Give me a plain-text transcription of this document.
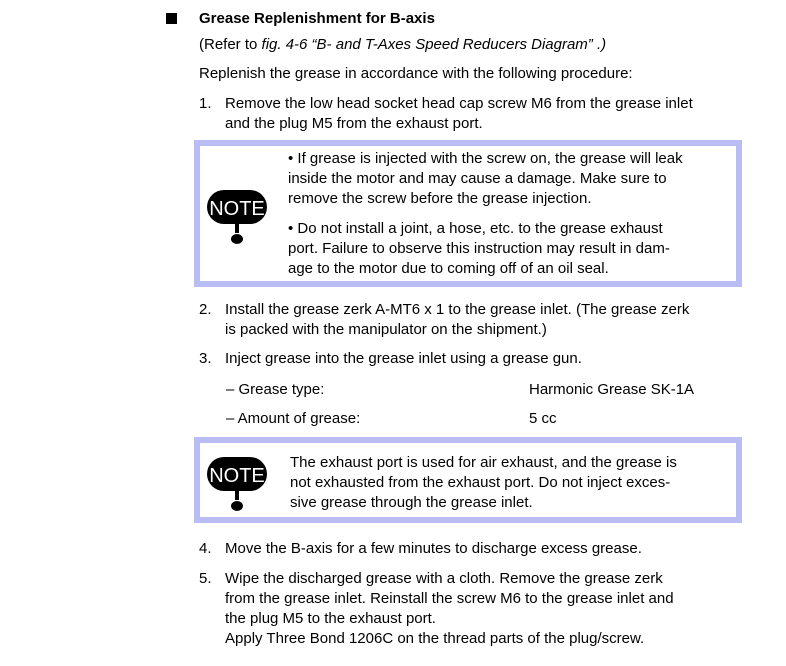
Grease Replenishment for B-axis
(Refer to fig. 4-6 “B- and T-Axes Speed Reducers Diagram” .)
Replenish the grease in accordance with the following procedure:
1. Remove the low head socket head cap screw M6 from the grease inlet
and the plug M5 from the exhaust port.
NOTE
• If grease is injected with the screw on, the grease will leak
inside the motor and may cause a damage. Make sure to
remove the screw before the grease injection.
• Do not install a joint, a hose, etc. to the grease exhaust
port. Failure to observe this instruction may result in dam-
age to the motor due to coming off of an oil seal.
2. Install the grease zerk A-MT6 x 1 to the grease inlet. (The grease zerk
is packed with the manipulator on the shipment.)
3. Inject grease into the grease inlet using a grease gun.
– Grease type:	Harmonic Grease SK-1A
– Amount of grease:	5 cc
NOTE
The exhaust port is used for air exhaust, and the grease is
not exhausted from the exhaust port. Do not inject exces-
sive grease through the grease inlet.
4. Move the B-axis for a few minutes to discharge excess grease.
5. Wipe the discharged grease with a cloth. Remove the grease zerk
from the grease inlet. Reinstall the screw M6 to the grease inlet and
the plug M5 to the exhaust port.
Apply Three Bond 1206C on the thread parts of the plug/screw.
